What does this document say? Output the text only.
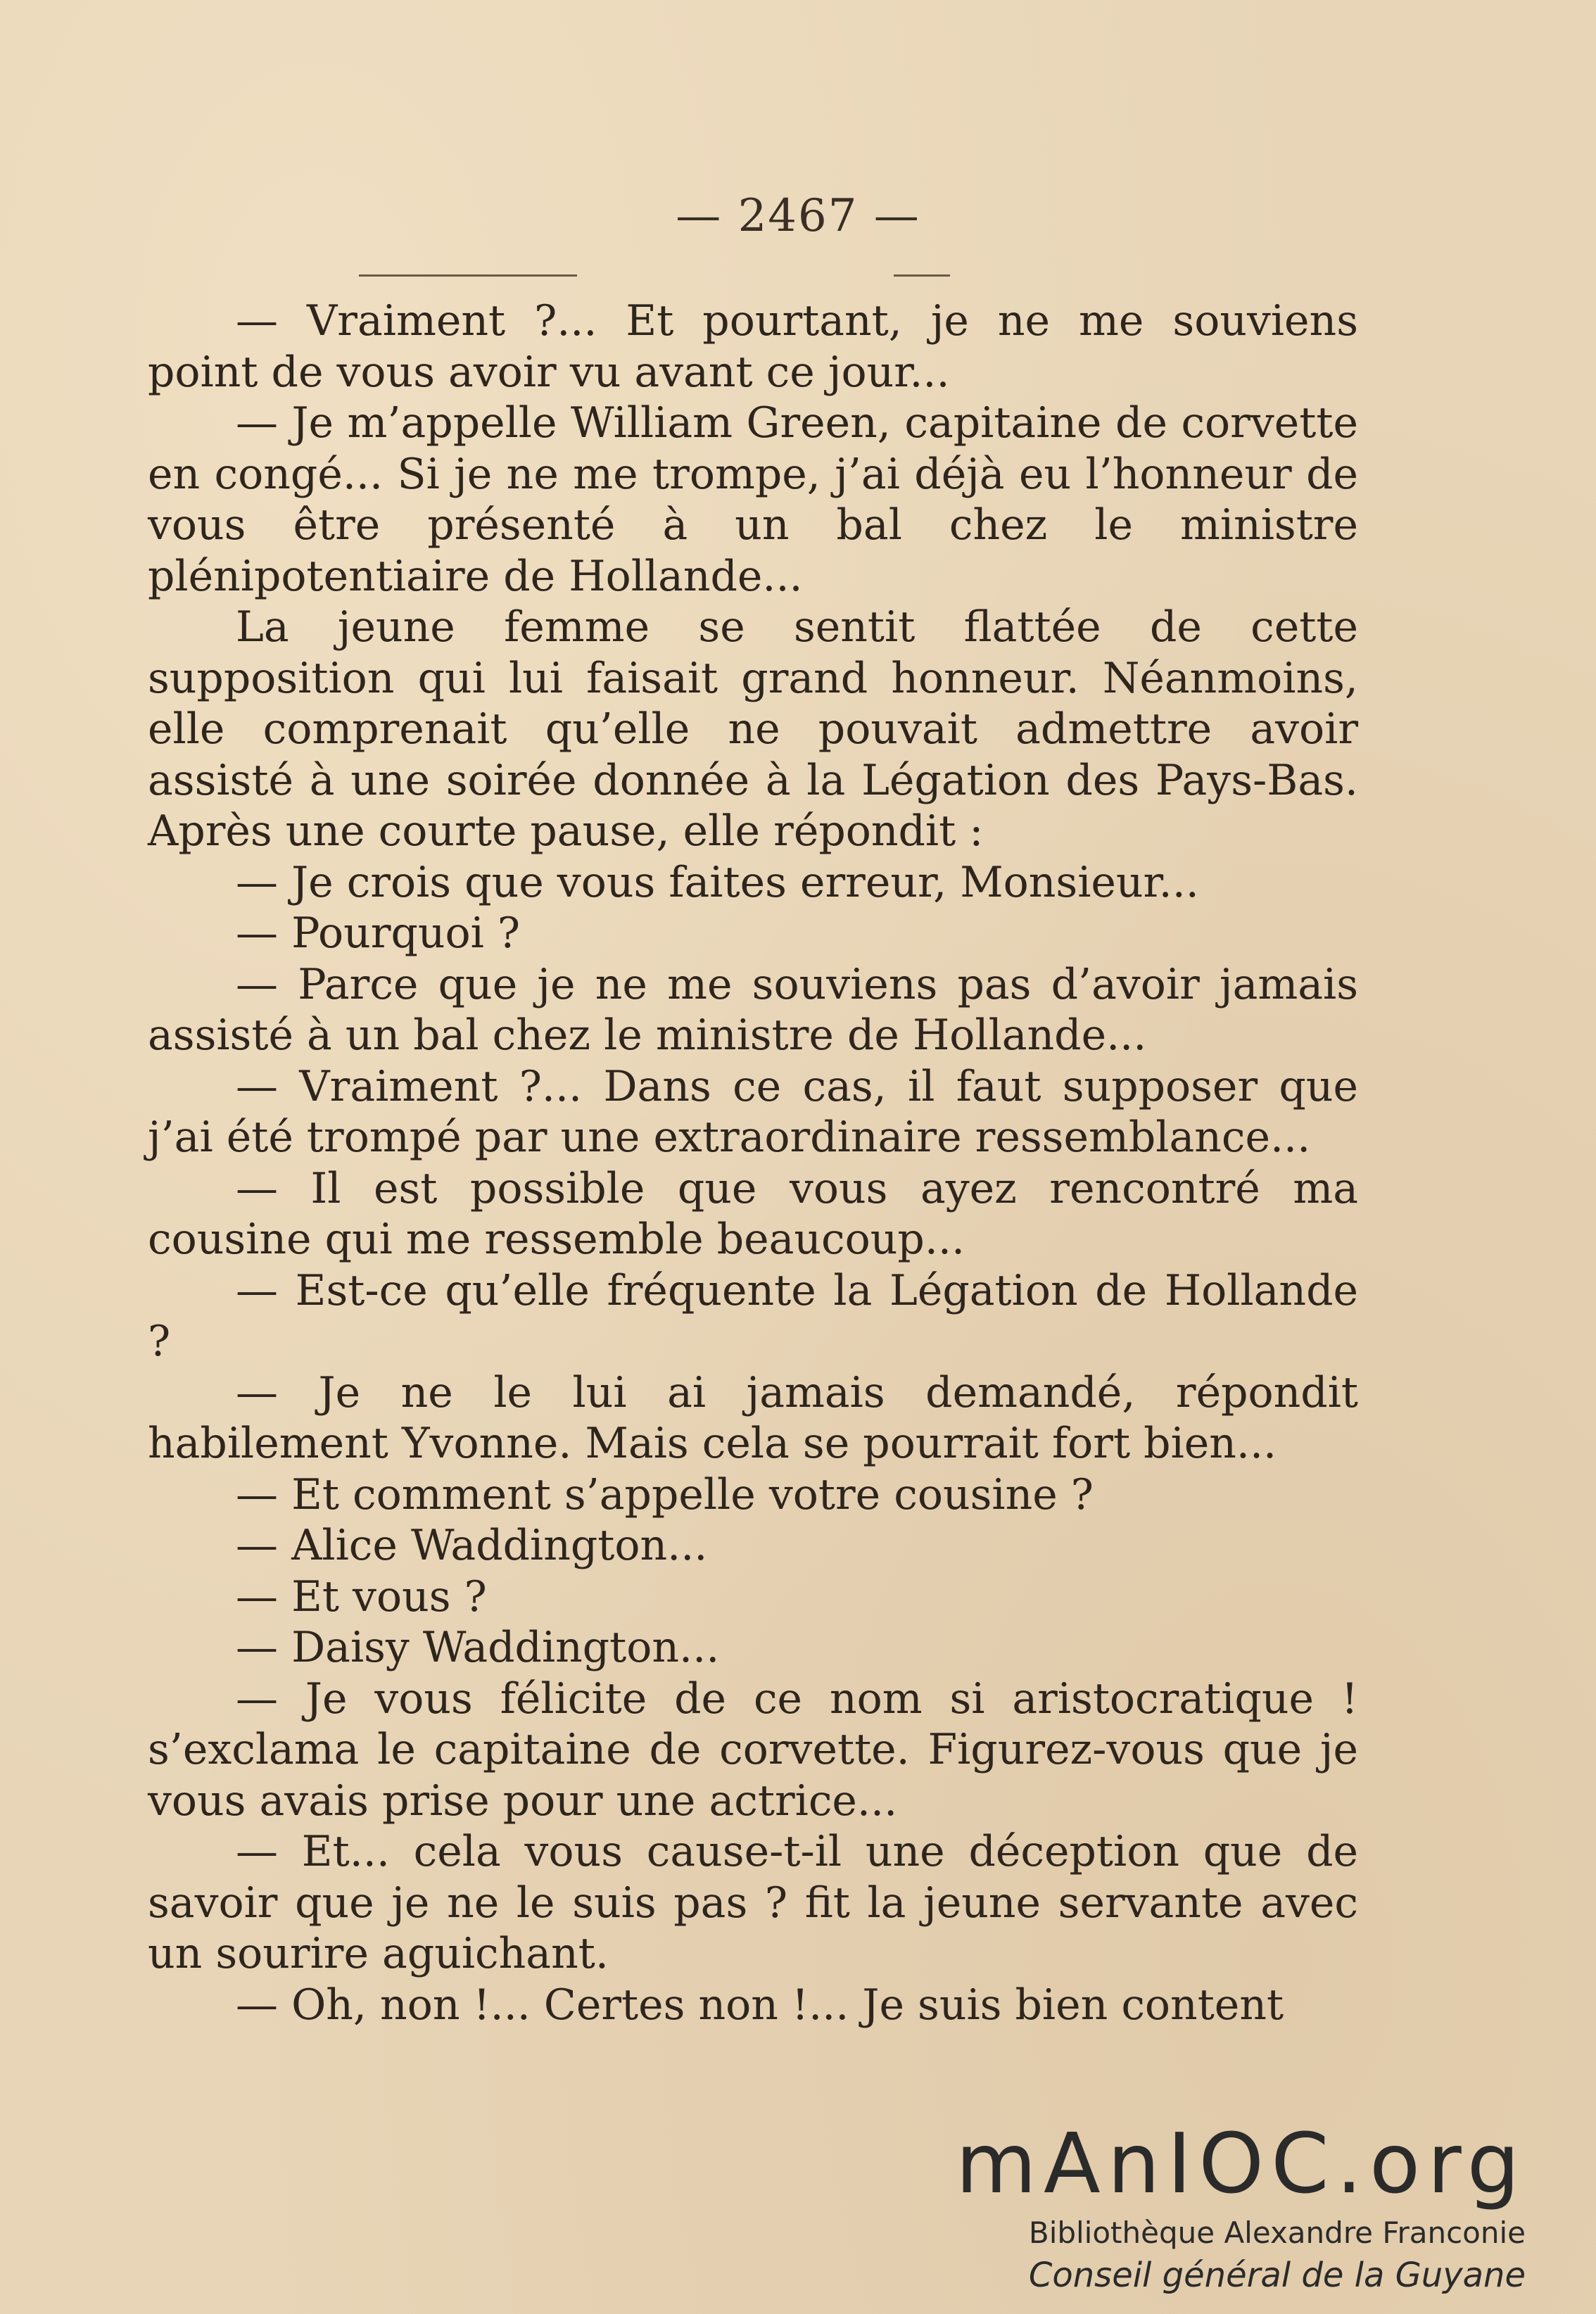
— 2467 —

— Vraiment ?... Et pourtant, je ne me souviens point de vous avoir vu avant ce jour...

— Je m’appelle William Green, capitaine de corvette en congé... Si je ne me trompe, j’ai déjà eu l’honneur de vous être présenté à un bal chez le ministre plénipotentiaire de Hollande...

La jeune femme se sentit flattée de cette supposition qui lui faisait grand honneur. Néanmoins, elle comprenait qu’elle ne pouvait admettre avoir assisté à une soirée donnée à la Légation des Pays-Bas. Après une courte pause, elle répondit :

— Je crois que vous faites erreur, Monsieur...

— Pourquoi ?

— Parce que je ne me souviens pas d’avoir jamais assisté à un bal chez le ministre de Hollande...

— Vraiment ?... Dans ce cas, il faut supposer que j’ai été trompé par une extraordinaire ressemblance...

— Il est possible que vous ayez rencontré ma cousine qui me ressemble beaucoup...

— Est-ce qu’elle fréquente la Légation de Hollande ?

— Je ne le lui ai jamais demandé, répondit habilement Yvonne. Mais cela se pourrait fort bien...

— Et comment s’appelle votre cousine ?

— Alice Waddington...

— Et vous ?

— Daisy Waddington...

— Je vous félicite de ce nom si aristocratique ! s’exclama le capitaine de corvette. Figurez-vous que je vous avais prise pour une actrice...

— Et... cela vous cause-t-il une déception que de savoir que je ne le suis pas ? fit la jeune servante avec un sourire aguichant.

— Oh, non !... Certes non !... Je suis bien content

mAnIOC.org
Bibliothèque Alexandre Franconie
Conseil général de la Guyane
